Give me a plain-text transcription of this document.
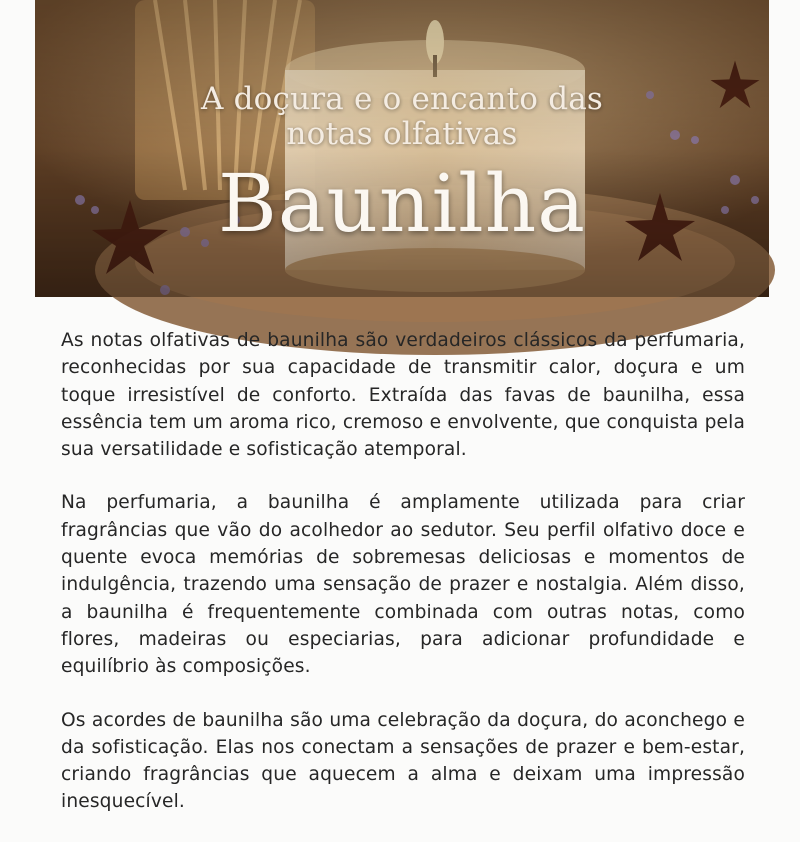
A doçura e o encanto das
notas olfativas
Baunilha

As notas olfativas de baunilha são verdadeiros clássicos da perfumaria, reconhecidas por sua capacidade de transmitir calor, doçura e um toque irresistível de conforto. Extraída das favas de baunilha, essa essência tem um aroma rico, cremoso e envolvente, que conquista pela sua versatilidade e sofisticação atemporal.

Na perfumaria, a baunilha é amplamente utilizada para criar fragrâncias que vão do acolhedor ao sedutor. Seu perfil olfativo doce e quente evoca memórias de sobremesas deliciosas e momentos de indulgência, trazendo uma sensação de prazer e nostalgia. Além disso, a baunilha é frequentemente combinada com outras notas, como flores, madeiras ou especiarias, para adicionar profundidade e equilíbrio às composições.

Os acordes de baunilha são uma celebração da doçura, do aconchego e da sofisticação. Elas nos conectam a sensações de prazer e bem-estar, criando fragrâncias que aquecem a alma e deixam uma impressão inesquecível.
